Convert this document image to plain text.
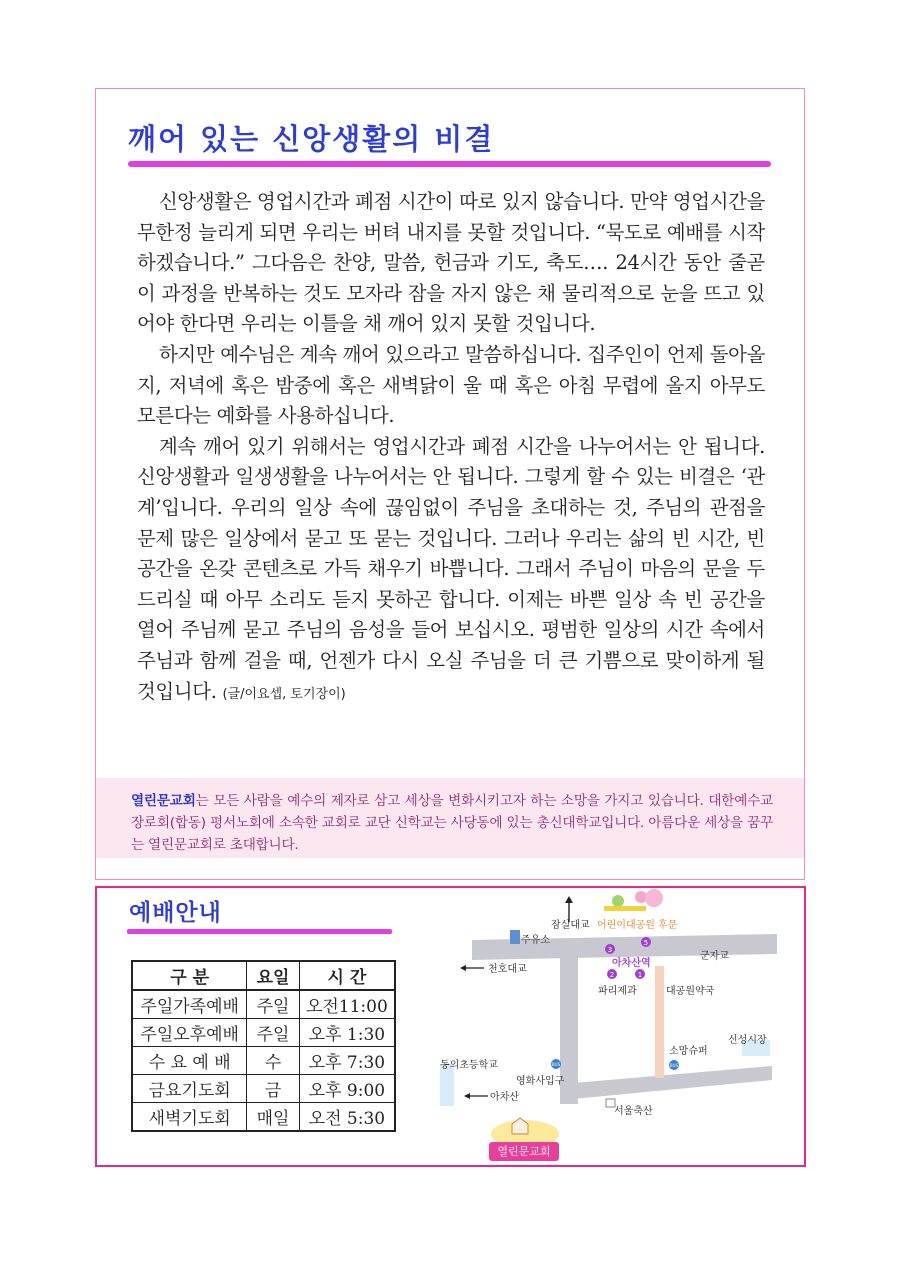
깨어 있는 신앙생활의 비결

신앙생활은 영업시간과 폐점 시간이 따로 있지 않습니다. 만약 영업시간을 무한정 늘리게 되면 우리는 버텨 내지를 못할 것입니다. “묵도로 예배를 시작하겠습니다.” 그다음은 찬양, 말씀, 헌금과 기도, 축도…. 24시간 동안 줄곧 이 과정을 반복하는 것도 모자라 잠을 자지 않은 채 물리적으로 눈을 뜨고 있어야 한다면 우리는 이틀을 채 깨어 있지 못할 것입니다.

하지만 예수님은 계속 깨어 있으라고 말씀하십니다. 집주인이 언제 돌아올지, 저녁에 혹은 밤중에 혹은 새벽닭이 울 때 혹은 아침 무렵에 올지 아무도 모른다는 예화를 사용하십니다.

계속 깨어 있기 위해서는 영업시간과 폐점 시간을 나누어서는 안 됩니다. 신앙생활과 일생생활을 나누어서는 안 됩니다. 그렇게 할 수 있는 비결은 ‘관계’입니다. 우리의 일상 속에 끊임없이 주님을 초대하는 것, 주님의 관점을 문제 많은 일상에서 묻고 또 묻는 것입니다. 그러나 우리는 삶의 빈 시간, 빈 공간을 온갖 콘텐츠로 가득 채우기 바쁩니다. 그래서 주님이 마음의 문을 두드리실 때 아무 소리도 듣지 못하곤 합니다. 이제는 바쁜 일상 속 빈 공간을 열어 주님께 묻고 주님의 음성을 들어 보십시오. 평범한 일상의 시간 속에서 주님과 함께 걸을 때, 언젠가 다시 오실 주님을 더 큰 기쁨으로 맞이하게 될 것입니다. (글/이요셉, 토기장이)

열린문교회는 모든 사람을 예수의 제자로 삼고 세상을 변화시키고자 하는 소망을 가지고 있습니다. 대한예수교장로회(합동) 평서노회에 소속한 교회로 교단 신학교는 사당동에 있는 총신대학교입니다. 아름다운 세상을 꿈꾸는 열린문교회로 초대합니다.
예배안내
구 분	요일	시 간
주일가족예배	주일	오전11:00
주일오후예배	주일	오후 1:30
수 요 예 배	수	오후 7:30
금요기도회	금	오후 9:00
새벽기도회	매일	오전 5:30
잠실대교 어린이대공원 후문
주유소
천호대교
군자교
3
5
2	1
아차산역
파리제과	대공원약국
신성시장
소망슈퍼
BUS	BUS
동의초등학교
영화사입구
아차산
서울축산
열린문교회
